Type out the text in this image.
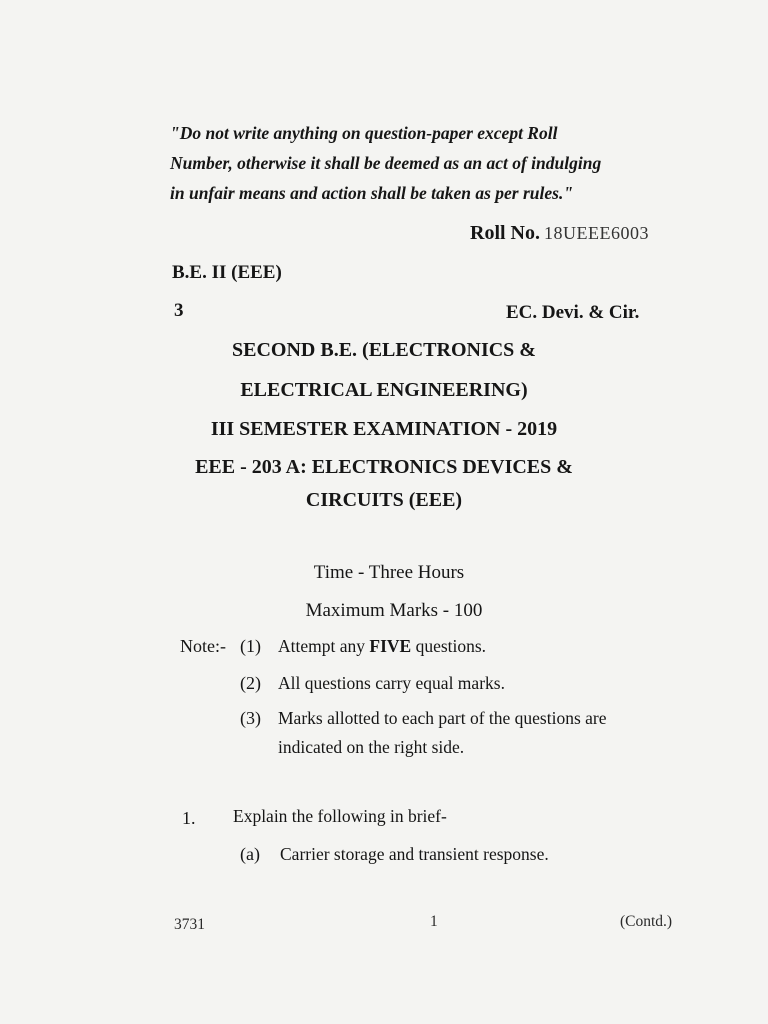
"Do not write anything on question-paper except Roll
Number, otherwise it shall be deemed as an act of indulging
in unfair means and action shall be taken as per rules."
Roll No. 18UEEE6003
B.E. II (EEE)
3	EC. Devi. & Cir.
SECOND B.E. (ELECTRONICS &
ELECTRICAL ENGINEERING)
III SEMESTER EXAMINATION - 2019
EEE - 203 A: ELECTRONICS DEVICES &
CIRCUITS (EEE)
Time - Three Hours
Maximum Marks - 100
Note:- (1) Attempt any FIVE questions.
(2) All questions carry equal marks.
(3) Marks allotted to each part of the questions are
indicated on the right side.
1. Explain the following in brief-
(a) Carrier storage and transient response.
3731	1	(Contd.)
